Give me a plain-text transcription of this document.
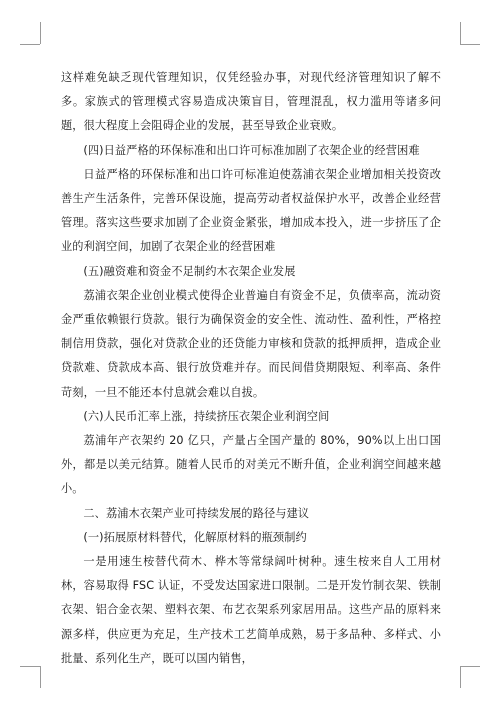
这样难免缺乏现代管理知识，仅凭经验办事，对现代经济管理知识了解不多。家族式的管理模式容易造成决策盲目，管理混乱，权力滥用等诸多问题，很大程度上会阻碍企业的发展，甚至导致企业衰败。

(四)日益严格的环保标准和出口许可标准加剧了衣架企业的经营困难

日益严格的环保标准和出口许可标准迫使荔浦衣架企业增加相关投资改善生产生活条件，完善环保设施，提高劳动者权益保护水平，改善企业经营管理。落实这些要求加剧了企业资金紧张，增加成本投入，进一步挤压了企业的利润空间，加剧了衣架企业的经营困难

(五)融资难和资金不足制约木衣架企业发展

荔浦衣架企业创业模式使得企业普遍自有资金不足，负债率高，流动资金严重依赖银行贷款。银行为确保资金的安全性、流动性、盈利性，严格控制信用贷款，强化对贷款企业的还贷能力审核和贷款的抵押质押，造成企业贷款难、贷款成本高、银行放贷难并存。而民间借贷期限短、利率高、条件苛刻，一旦不能还本付息就会难以自拔。

(六)人民币汇率上涨，持续挤压衣架企业利润空间

荔浦年产衣架约 20 亿只，产量占全国产量的 80%，90%以上出口国外，都是以美元结算。随着人民币的对美元不断升值，企业利润空间越来越小。

二、荔浦木衣架产业可持续发展的路径与建议

(一)拓展原材料替代，化解原材料的瓶颈制约

一是用速生桉替代荷木、桦木等常绿阔叶树种。速生桉来自人工用材林，容易取得 FSC 认证，不受发达国家进口限制。二是开发竹制衣架、铁制衣架、铝合金衣架、塑料衣架、布艺衣架系列家居用品。这些产品的原料来源多样，供应更为充足，生产技术工艺简单成熟，易于多品种、多样式、小批量、系列化生产，既可以国内销售，
